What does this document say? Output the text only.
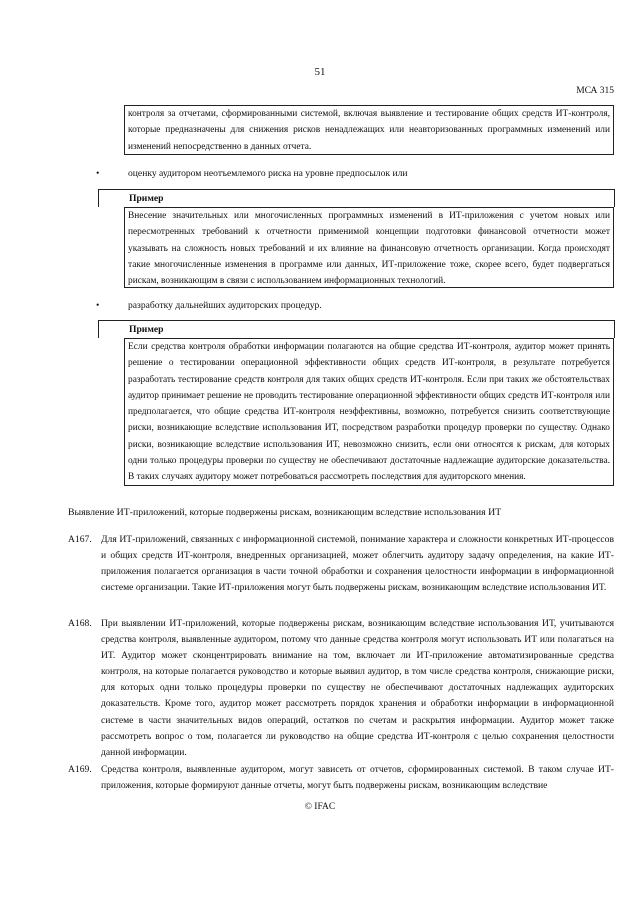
51
МСА 315

контроля за отчетами, сформированными системой, включая выявление и тестирование общих средств ИТ-контроля, которые предназначены для снижения рисков ненадлежащих или неавторизованных программных изменений или изменений непосредственно в данных отчета.

•	оценку аудитором неотъемлемого риска на уровне предпосылок или
Пример

Внесение значительных или многочисленных программных изменений в ИТ-приложения с учетом новых или пересмотренных требований к отчетности применимой концепции подготовки финансовой отчетности может указывать на сложность новых требований и их влияние на финансовую отчетность организации. Когда происходят такие многочисленные изменения в программе или данных, ИТ-приложение тоже, скорее всего, будет подвергаться рискам, возникающим в связи с использованием информационных технологий.

•	разработку дальнейших аудиторских процедур.
Пример

Если средства контроля обработки информации полагаются на общие средства ИТ-контроля, аудитор может принять решение о тестировании операционной эффективности общих средств ИТ-контроля, в результате потребуется разработать тестирование средств контроля для таких общих средств ИТ-контроля. Если при таких же обстоятельствах аудитор принимает решение не проводить тестирование операционной эффективности общих средств ИТ-контроля или предполагается, что общие средства ИТ-контроля неэффективны, возможно, потребуется снизить соответствующие риски, возникающие вследствие использования ИТ, посредством разработки процедур проверки по существу. Однако риски, возникающие вследствие использования ИТ, невозможно снизить, если они относятся к рискам, для которых одни только процедуры проверки по существу не обеспечивают достаточные надлежащие аудиторские доказательства. В таких случаях аудитору может потребоваться рассмотреть последствия для аудиторского мнения.

Выявление ИТ-приложений, которые подвержены рискам, возникающим вследствие использования ИТ
A167. Для ИТ-приложений, связанных с информационной системой, понимание характера и сложности конкретных ИТ-процессов и общих средств ИТ-контроля, внедренных организацией, может облегчить аудитору задачу определения, на какие ИТ-приложения полагается организация в части точной обработки и сохранения целостности информации в информационной системе организации. Такие ИТ-приложения могут быть подвержены рискам, возникающим вследствие использования ИТ.
A168. При выявлении ИТ-приложений, которые подвержены рискам, возникающим вследствие использования ИТ, учитываются средства контроля, выявленные аудитором, потому что данные средства контроля могут использовать ИТ или полагаться на ИТ. Аудитор может сконцентрировать внимание на том, включает ли ИТ-приложение автоматизированные средства контроля, на которые полагается руководство и которые выявил аудитор, в том числе средства контроля, снижающие риски, для которых одни только процедуры проверки по существу не обеспечивают достаточных надлежащих аудиторских доказательств. Кроме того, аудитор может рассмотреть порядок хранения и обработки информации в информационной системе в части значительных видов операций, остатков по счетам и раскрытия информации. Аудитор может также рассмотреть вопрос о том, полагается ли руководство на общие средства ИТ-контроля с целью сохранения целостности данной информации.
A169. Средства контроля, выявленные аудитором, могут зависеть от отчетов, сформированных системой. В таком случае ИТ-приложения, которые формируют данные отчеты, могут быть подвержены рискам, возникающим вследствие
© IFAC
